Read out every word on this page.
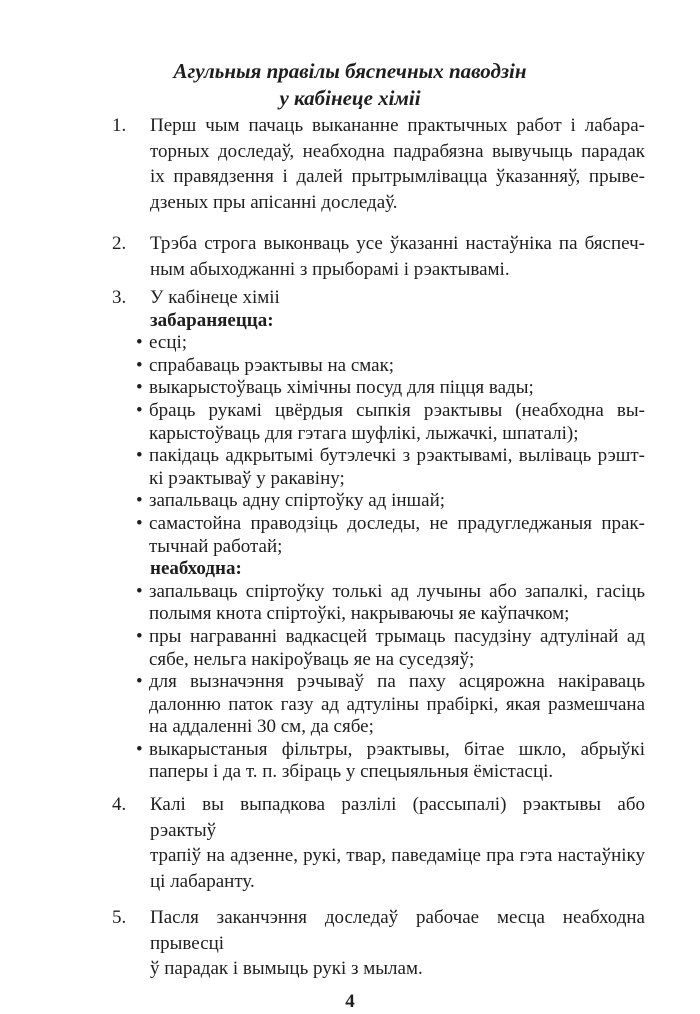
Агульныя правілы бяспечных паводзін
у кабінеце хіміі
1. Перш чым пачаць выкананне практычных работ і лабара-
торных доследаў, неабходна падрабязна вывучыць парадак
іх правядзення і далей прытрымлівацца ўказанняў, прыве-
дзеных пры апісанні доследаў.
2. Трэба строга выконваць усе ўказанні настаўніка па бяспеч-
ным абыходжанні з прыборамі і рэактывамі.
3. У кабінеце хіміі
забараняецца:
• есці;
• спрабаваць рэактывы на смак;
• выкарыстоўваць хімічны посуд для піцця вады;
• браць рукамі цвёрдыя сыпкія рэактывы (неабходна вы-
карыстоўваць для гэтага шуфлікі, лыжачкі, шпаталі);
• пакідаць адкрытымі бутэлечкі з рэактывамі, выліваць рэшт-
кі рэактываў у ракавіну;
• запальваць адну спіртоўку ад іншай;
• самастойна праводзіць доследы, не прадугледжаныя прак-
тычнай работай;
неабходна:
• запальваць спіртоўку толькі ад лучыны або запалкі, гасіць
полымя кнота спіртоўкі, накрываючы яе каўпачком;
• пры награванні вадкасцей трымаць пасудзіну адтулінай ад
сябе, нельга накіроўваць яе на суседзяў;
• для вызначэння рэчываў па паху асцярожна накіраваць
далонню паток газу ад адтуліны прабіркі, якая размешчана
на аддаленні 30 см, да сябе;
• выкарыстаныя фільтры, рэактывы, бітае шкло, абрыўкі
паперы і да т. п. збіраць у спецыяльныя ёмістасці.
4. Калі вы выпадкова разлілі (рассыпалі) рэактывы або рэактыў
трапіў на адзенне, рукі, твар, паведаміце пра гэта настаўніку
ці лабаранту.
5. Пасля заканчэння доследаў рабочае месца неабходна прывесці
ў парадак і вымыць рукі з мылам.
4
